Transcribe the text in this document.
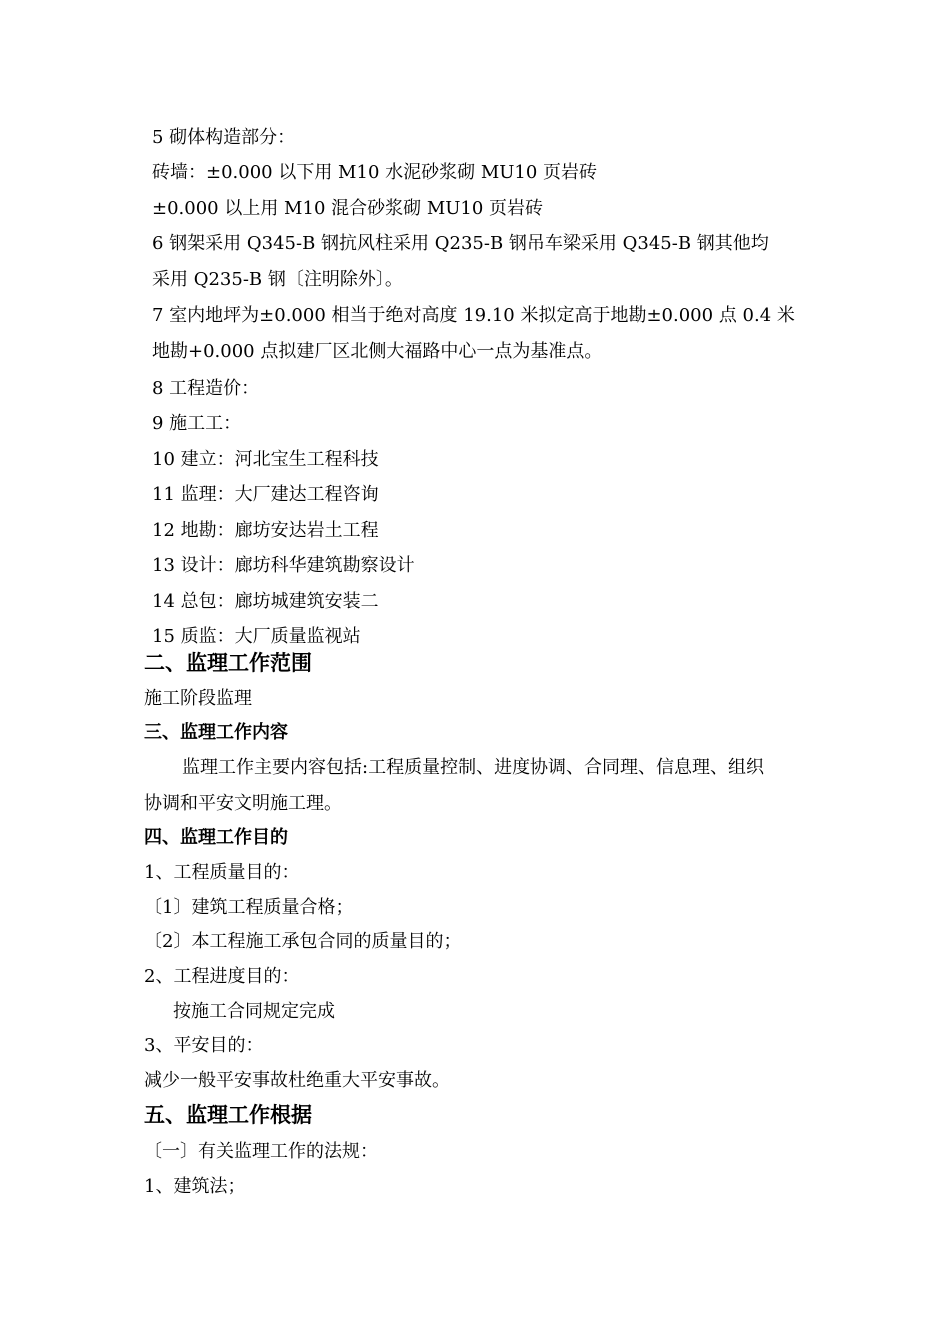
5 砌体构造部分：
砖墙：±0.000 以下用 M10 水泥砂浆砌 MU10 页岩砖
±0.000 以上用 M10 混合砂浆砌 MU10 页岩砖
6 钢架采用 Q345-B 钢抗风柱采用 Q235-B 钢吊车梁采用 Q345-B 钢其他均
采用 Q235-B 钢〔注明除外〕。
7 室内地坪为±0.000 相当于绝对高度 19.10 米拟定高于地勘±0.000 点 0.4 米
地勘+0.000 点拟建厂区北侧大福路中心一点为基准点。
8 工程造价：
9 施工工：
10 建立：河北宝生工程科技
11 监理：大厂建达工程咨询
12 地勘：廊坊安达岩土工程
13 设计：廊坊科华建筑勘察设计
14 总包：廊坊城建筑安装二
15 质监：大厂质量监视站
二、监理工作范围
施工阶段监理
三、监理工作内容
监理工作主要内容包括:工程质量控制、进度协调、合同理、信息理、组织
协调和平安文明施工理。
四、监理工作目的
1、工程质量目的：
〔1〕建筑工程质量合格；
〔2〕本工程施工承包合同的质量目的；
2、工程进度目的：
按施工合同规定完成
3、平安目的：
减少一般平安事故杜绝重大平安事故。
五、监理工作根据
〔一〕有关监理工作的法规：
1、建筑法；
